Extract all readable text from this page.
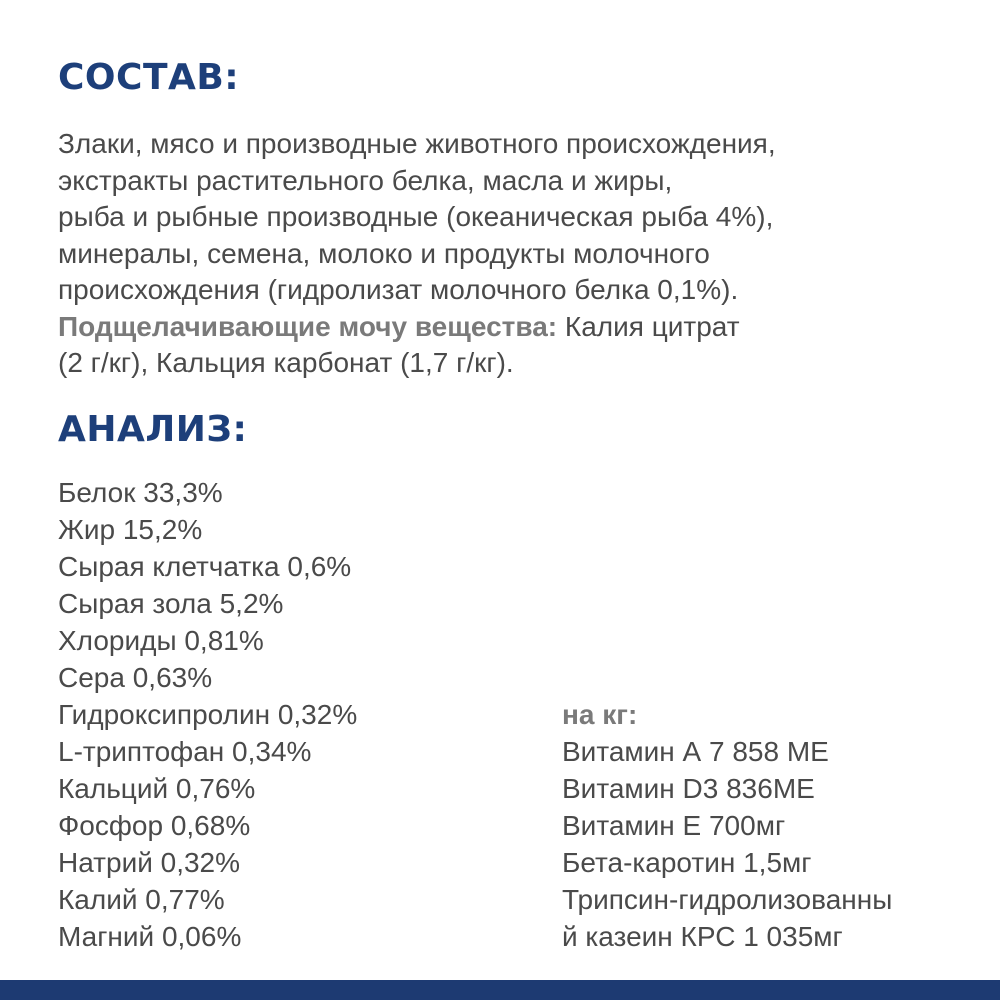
СОСТАВ:
Злаки, мясо и производные животного происхождения,
экстракты растительного белка, масла и жиры,
рыба и рыбные производные (океаническая рыба 4%),
минералы, семена, молоко и продукты молочного
происхождения (гидролизат молочного белка 0,1%).
Подщелачивающие мочу вещества: Калия цитрат
(2 г/кг), Кальция карбонат (1,7 г/кг).
АНАЛИЗ:
Белок 33,3%
Жир 15,2%
Сырая клетчатка 0,6%
Сырая зола 5,2%
Хлориды 0,81%
Сера 0,63%
Гидроксипролин 0,32%
L-триптофан 0,34%
Кальций 0,76%
Фосфор 0,68%
Натрий 0,32%
Калий 0,77%
Магний 0,06%
на кг:
Витамин А 7 858 МЕ
Витамин D3 836МЕ
Витамин Е 700мг
Бета-каротин 1,5мг
Трипсин-гидролизованны
й казеин КРС 1 035мг
